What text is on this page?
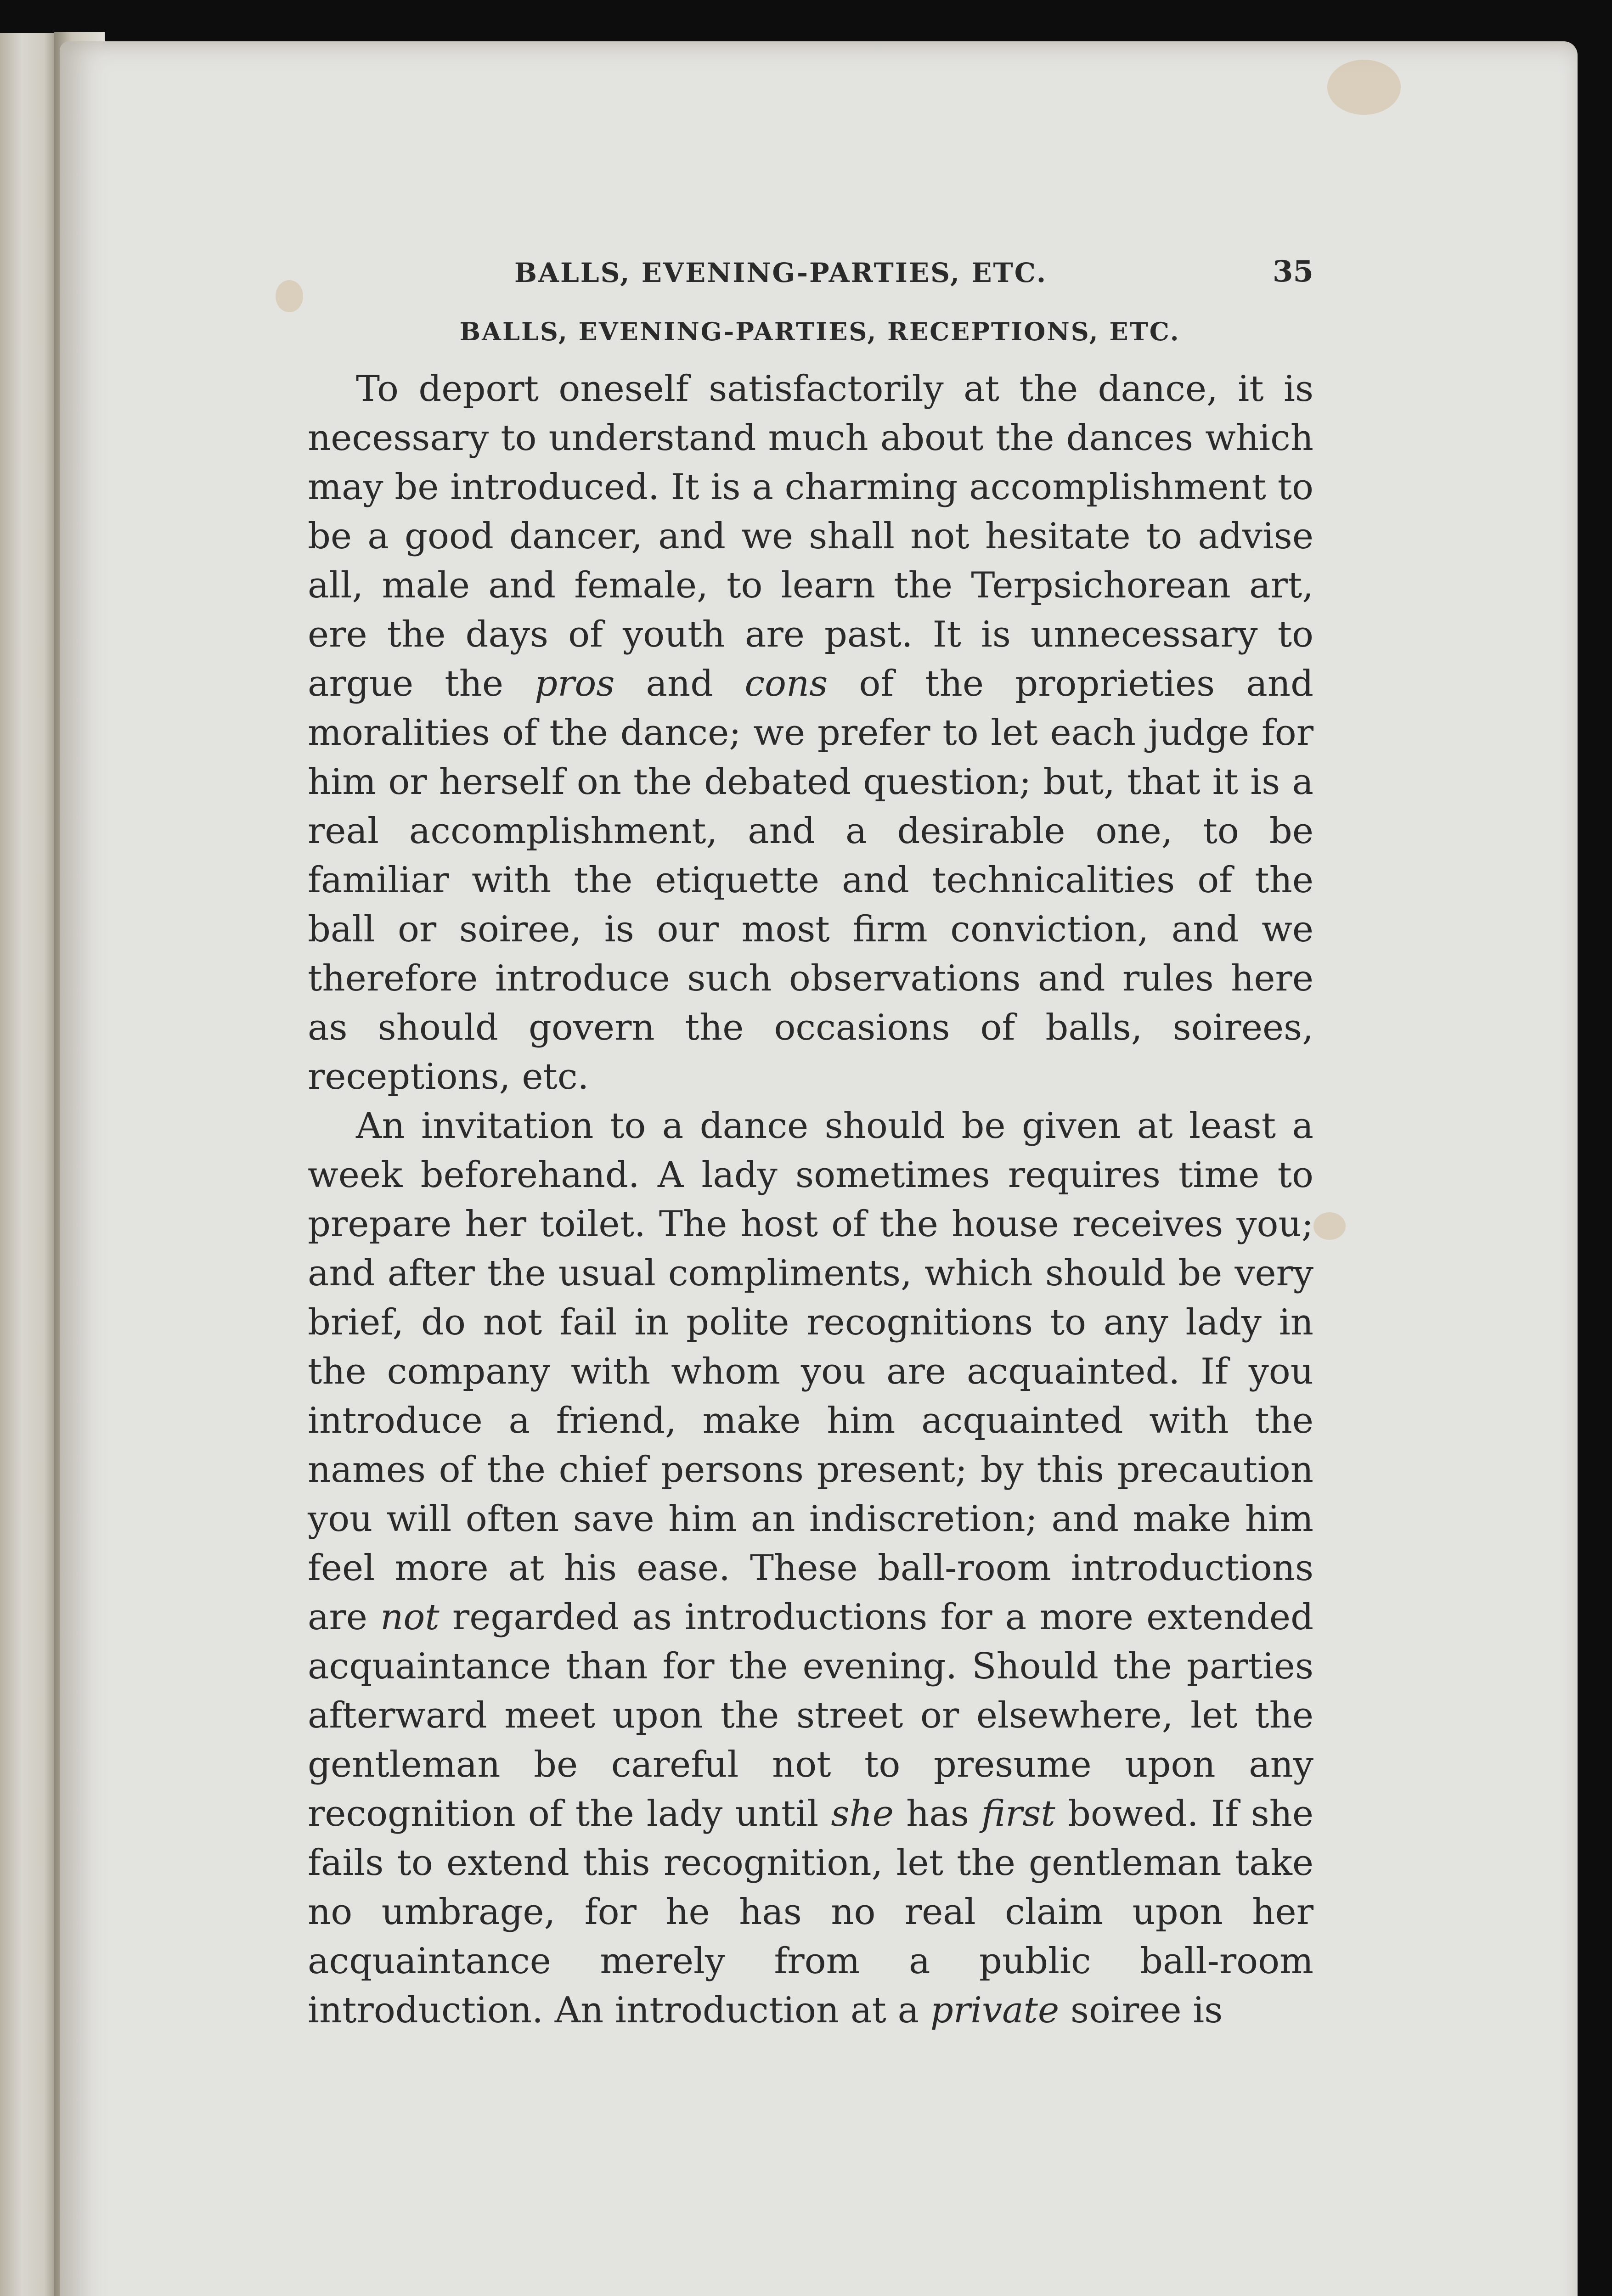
BALLS, EVENING-PARTIES, ETC.	35
BALLS, EVENING-PARTIES, RECEPTIONS, ETC.

To deport oneself satisfactorily at the dance, it is necessary to understand much about the dances which may be introduced. It is a charming accomplishment to be a good dancer, and we shall not hesitate to advise all, male and female, to learn the Terpsichorean art, ere the days of youth are past. It is unnecessary to argue the pros and cons of the proprieties and moralities of the dance; we prefer to let each judge for him or herself on the debated question; but, that it is a real accomplishment, and a desirable one, to be familiar with the etiquette and technicalities of the ball or soiree, is our most firm conviction, and we therefore introduce such observations and rules here as should govern the occasions of balls, soirees, receptions, etc.

An invitation to a dance should be given at least a week beforehand. A lady sometimes requires time to prepare her toilet. The host of the house receives you; and after the usual compliments, which should be very brief, do not fail in polite recognitions to any lady in the company with whom you are acquainted. If you introduce a friend, make him acquainted with the names of the chief persons present; by this precaution you will often save him an indiscretion; and make him feel more at his ease. These ball-room introductions are not regarded as introductions for a more extended acquaintance than for the evening. Should the parties afterward meet upon the street or elsewhere, let the gentleman be careful not to presume upon any recognition of the lady until she has first bowed. If she fails to extend this recognition, let the gentleman take no umbrage, for he has no real claim upon her acquaintance merely from a public ball-room introduction. An introduction at a private soiree is
